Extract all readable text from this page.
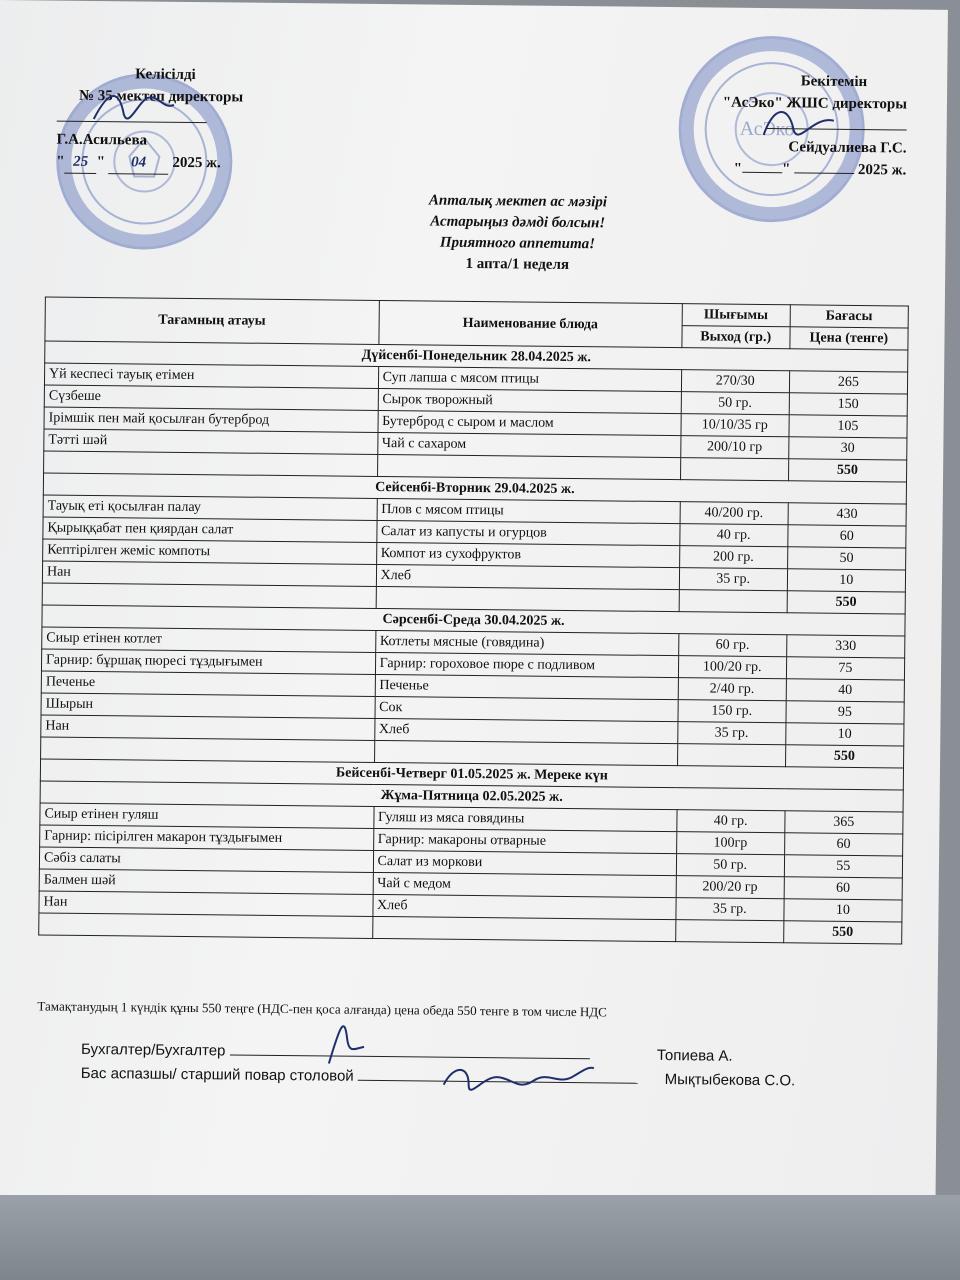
АсЭко
Келісілді
№ 35 мектеп директоры
Г.А.Асильева
" 25 " 04 2025 ж.
Бекітемін
"АсЭко" ЖШС директоры
Сейдуалиева Г.С.
"	"	2025 ж.
Апталық мектеп ас мәзірі
Астарыңыз дәмді болсын!
Приятного аппетита!
1 апта/1 неделя
Тағамның атауы	Наименование блюда	Шығымы	Бағасы
		Выход (гр.)	Цена (тенге)
Дүйсенбі-Понедельник 28.04.2025 ж.			
Үй кеспесі тауық етімен	Суп лапша с мясом птицы	270/30	265
Сүзбеше	Сырок творожный	50 гр.	150
Ірімшік пен май қосылған бутерброд	Бутерброд с сыром и маслом	10/10/35 гр	105
Тәтті шәй	Чай с сахаром	200/10 гр	30
			550
Сейсенбі-Вторник 29.04.2025 ж.			
Тауық еті қосылған палау	Плов с мясом птицы	40/200 гр.	430
Қырыққабат пен қиярдан салат	Салат из капусты и огурцов	40 гр.	60
Кептірілген жеміс компоты	Компот из сухофруктов	200 гр.	50
Нан	Хлеб	35 гр.	10
			550
Сәрсенбі-Среда 30.04.2025 ж.			
Сиыр етінен котлет	Котлеты мясные (говядина)	60 гр.	330
Гарнир: бұршақ пюресі тұздығымен	Гарнир: гороховое пюре с подливом	100/20 гр.	75
Печенье	Печенье	2/40 гр.	40
Шырын	Сок	150 гр.	95
Нан	Хлеб	35 гр.	10
			550
Бейсенбі-Четверг 01.05.2025 ж. Мереке күн			
Жұма-Пятница 02.05.2025 ж.			
Сиыр етінен гуляш	Гуляш из мяса говядины	40 гр.	365
Гарнир: пісірілген макарон тұздығымен	Гарнир: макароны отварные	100гр	60
Сәбіз салаты	Салат из моркови	50 гр.	55
Балмен шәй	Чай с медом	200/20 гр	60
Нан	Хлеб	35 гр.	10
			550
Тамақтанудың 1 күндік құны 550 теңге (НДС-пен қоса алғанда) цена обеда 550 тенге в том числе НДС
Бухгалтер/Бухгалтер	Топиева А.
Бас аспазшы/ старший повар столовой	Мықтыбекова С.О.
